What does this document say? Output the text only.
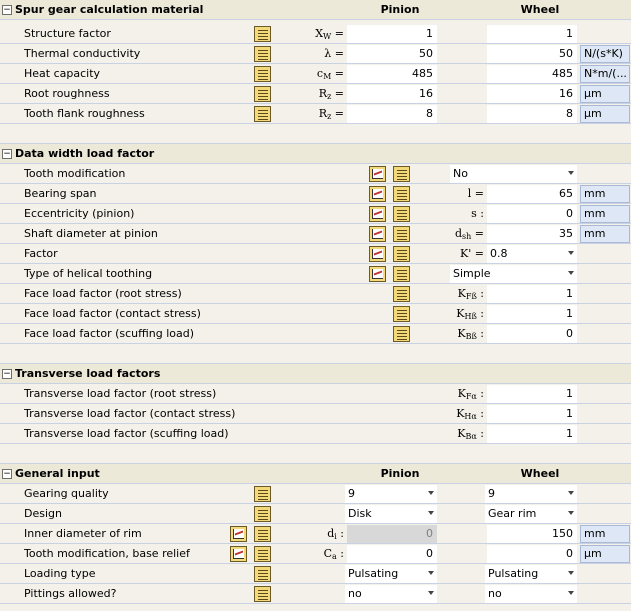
− Spur gear calculation material	Pinion	Wheel
Structure factor	$X_W$ =	1	1
Thermal conductivity	λ =	50	50	N/(s*K)
Heat capacity	$c_M$ =	485	485	N*m/(...
Root roughness	$R_z$ =	16	16	µm
Tooth flank roughness	$R_z$ =	8	8	µm
− Data width load factor
Tooth modification	No
Bearing span	l =	65	mm
Eccentricity (pinion)	s :	0	mm
Shaft diameter at pinion	$d_{sh}$ =	35	mm
Factor	K' = 0.8
Type of helical toothing	Simple
Face load factor (root stress)	$K_{Fß}$ :	1
Face load factor (contact stress)	$K_{Hß}$ :	1
Face load factor (scuffing load)	$K_{Bß}$ :	0
− Transverse load factors
Transverse load factor (root stress)	$K_{F\alpha}$ :	1
Transverse load factor (contact stress)	$K_{H\alpha}$ :	1
Transverse load factor (scuffing load)	$K_{B\alpha}$ :	1
− General input	Pinion	Wheel
Gearing quality	9	9
Design	Disk	Gear rim
Inner diameter of rim	$d_i$ :	0	150	mm
Tooth modification, base relief	$C_a$ :	0	0	µm
Loading type	Pulsating	Pulsating
Pittings allowed?	no	no
